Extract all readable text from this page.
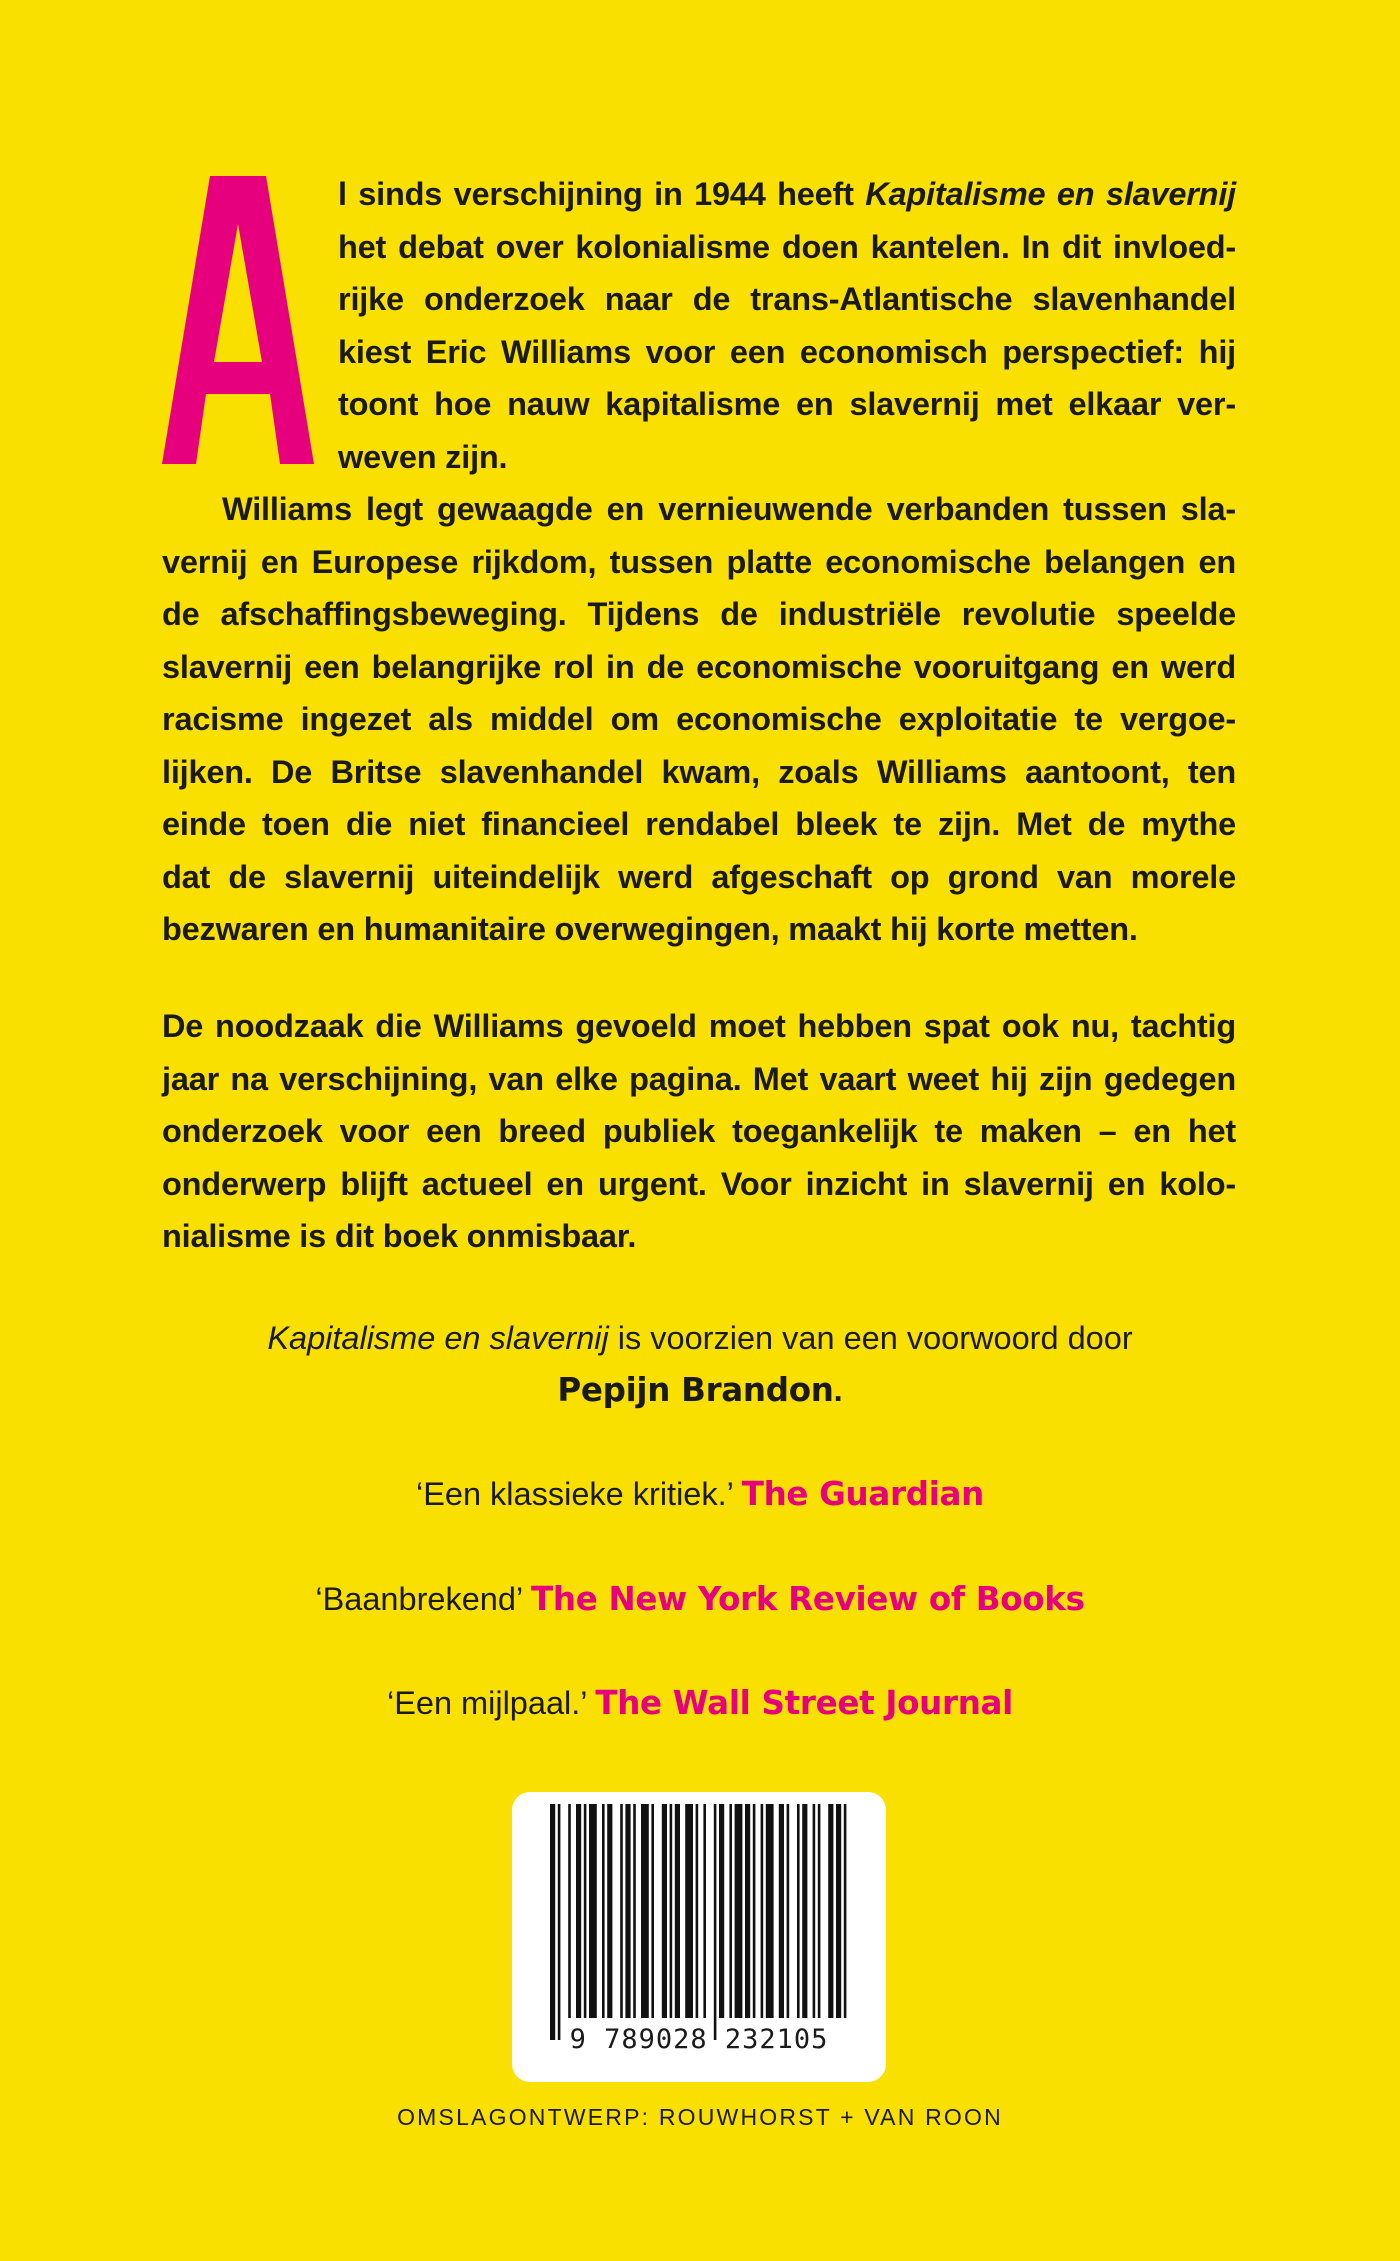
A	l sinds verschijning in 1944 heeft Kapitalisme en slavernij
het debat over kolonialisme doen kantelen. In dit invloed-
rijke onderzoek naar de trans-Atlantische slavenhandel
kiest Eric Williams voor een economisch perspectief: hij
toont hoe nauw kapitalisme en slavernij met elkaar ver-
weven zijn.

Williams legt gewaagde en vernieuwende verbanden tussen sla-
vernij en Europese rijkdom, tussen platte economische belangen en
de afschaffingsbeweging. Tijdens de industriële revolutie speelde
slavernij een belangrijke rol in de economische vooruitgang en werd
racisme ingezet als middel om economische exploitatie te vergoe-
lijken. De Britse slavenhandel kwam, zoals Williams aantoont, ten
einde toen die niet financieel rendabel bleek te zijn. Met de mythe
dat de slavernij uiteindelijk werd afgeschaft op grond van morele
bezwaren en humanitaire overwegingen, maakt hij korte metten.

De noodzaak die Williams gevoeld moet hebben spat ook nu, tachtig
jaar na verschijning, van elke pagina. Met vaart weet hij zijn gedegen
onderzoek voor een breed publiek toegankelijk te maken – en het
onderwerp blijft actueel en urgent. Voor inzicht in slavernij en kolo-
nialisme is dit boek onmisbaar.

Kapitalisme en slavernij is voorzien van een voorwoord door

Pepijn Brandon.

‘Een klassieke kritiek.’ The Guardian

‘Baanbrekend’ The New York Review of Books

‘Een mijlpaal.’ The Wall Street Journal

9 789028 232105
OMSLAGONTWERP: ROUWHORST + VAN ROON
